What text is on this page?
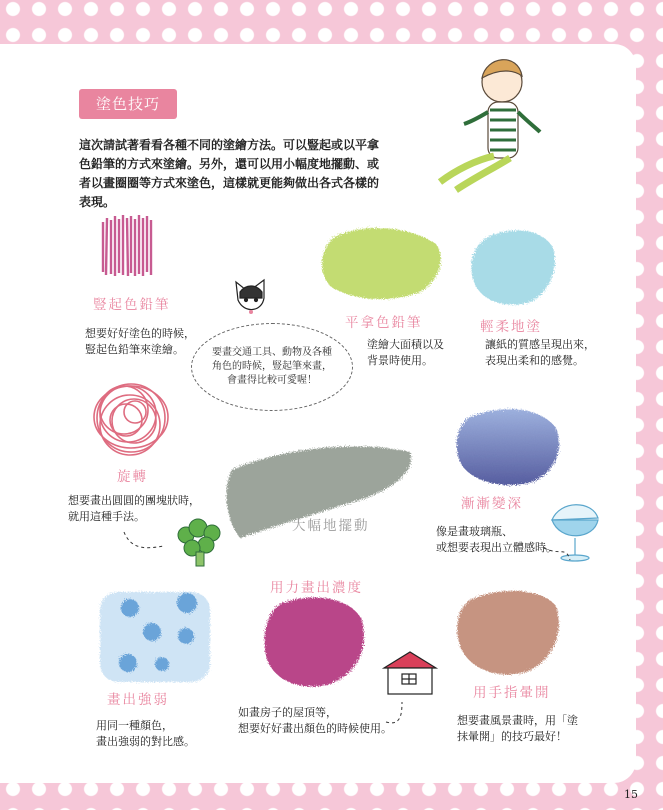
塗色技巧
這次請試著看看各種不同的塗繪方法。可以豎起或以平拿色鉛筆的方式來塗繪。另外，還可以用小幅度地擺動、或者以畫圈圈等方式來塗色，這樣就更能夠做出各式各樣的表現。
豎起色鉛筆
平拿色鉛筆	輕柔地塗
旋轉
大幅地擺動
漸漸變深
用力畫出濃度
畫出強弱	用手指暈開
想要好好塗色的時候，
豎起色鉛筆來塗繪。	塗繪大面積以及
背景時使用。
讓紙的質感呈現出來，
表現出柔和的感覺。
想要畫出圓圓的團塊狀時，
就用這種手法。
像是畫玻璃瓶、
或想要表現出立體感時。
如畫房子的屋頂等，
想要好好畫出顏色的時候使用。
用同一種顏色，
畫出強弱的對比感。
想要畫風景畫時，用「塗
抹暈開」的技巧最好！
要畫交通工具、動物及各種角色的時候，豎起筆來畫，會畫得比較可愛喔！
15
